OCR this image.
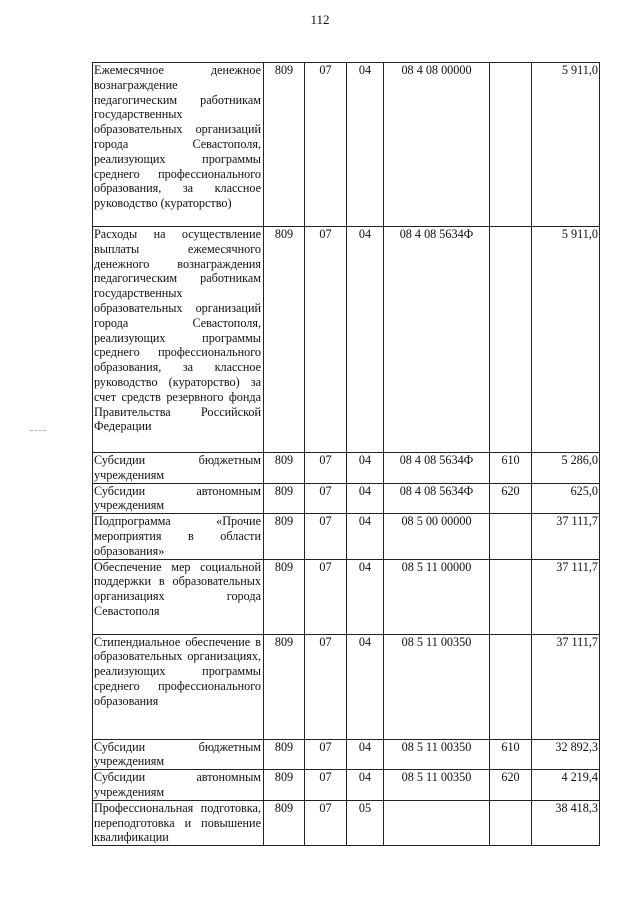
112
Ежемесячное денежное вознаграждение педагогическим работникам государственных образовательных организаций города Севастополя, реализующих программы среднего профессионального образования, за классное руководство (кураторство)	809	07	04	08 4 08 00000		5 911,0
Расходы на осуществление выплаты ежемесячного денежного вознаграждения педагогическим работникам государственных образовательных организаций города Севастополя, реализующих программы среднего профессионального образования, за классное руководство (кураторство) за счет средств резервного фонда Правительства Российской Федерации	809	07	04	08 4 08 5634Ф		5 911,0
Субсидии бюджетным учреждениям	809	07	04	08 4 08 5634Ф	610	5 286,0
Субсидии автономным учреждениям	809	07	04	08 4 08 5634Ф	620	625,0
Подпрограмма «Прочие мероприятия в области образования»	809	07	04	08 5 00 00000		37 111,7
Обеспечение мер социальной поддержки в образовательных организациях города Севастополя	809	07	04	08 5 11 00000		37 111,7
Стипендиальное обеспечение в образовательных организациях, реализующих программы среднего профессионального образования	809	07	04	08 5 11 00350		37 111,7
Субсидии бюджетным учреждениям	809	07	04	08 5 11 00350	610	32 892,3
Субсидии автономным учреждениям	809	07	04	08 5 11 00350	620	4 219,4
Профессиональная подготовка, переподготовка и повышение квалификации	809	07	05			38 418,3
